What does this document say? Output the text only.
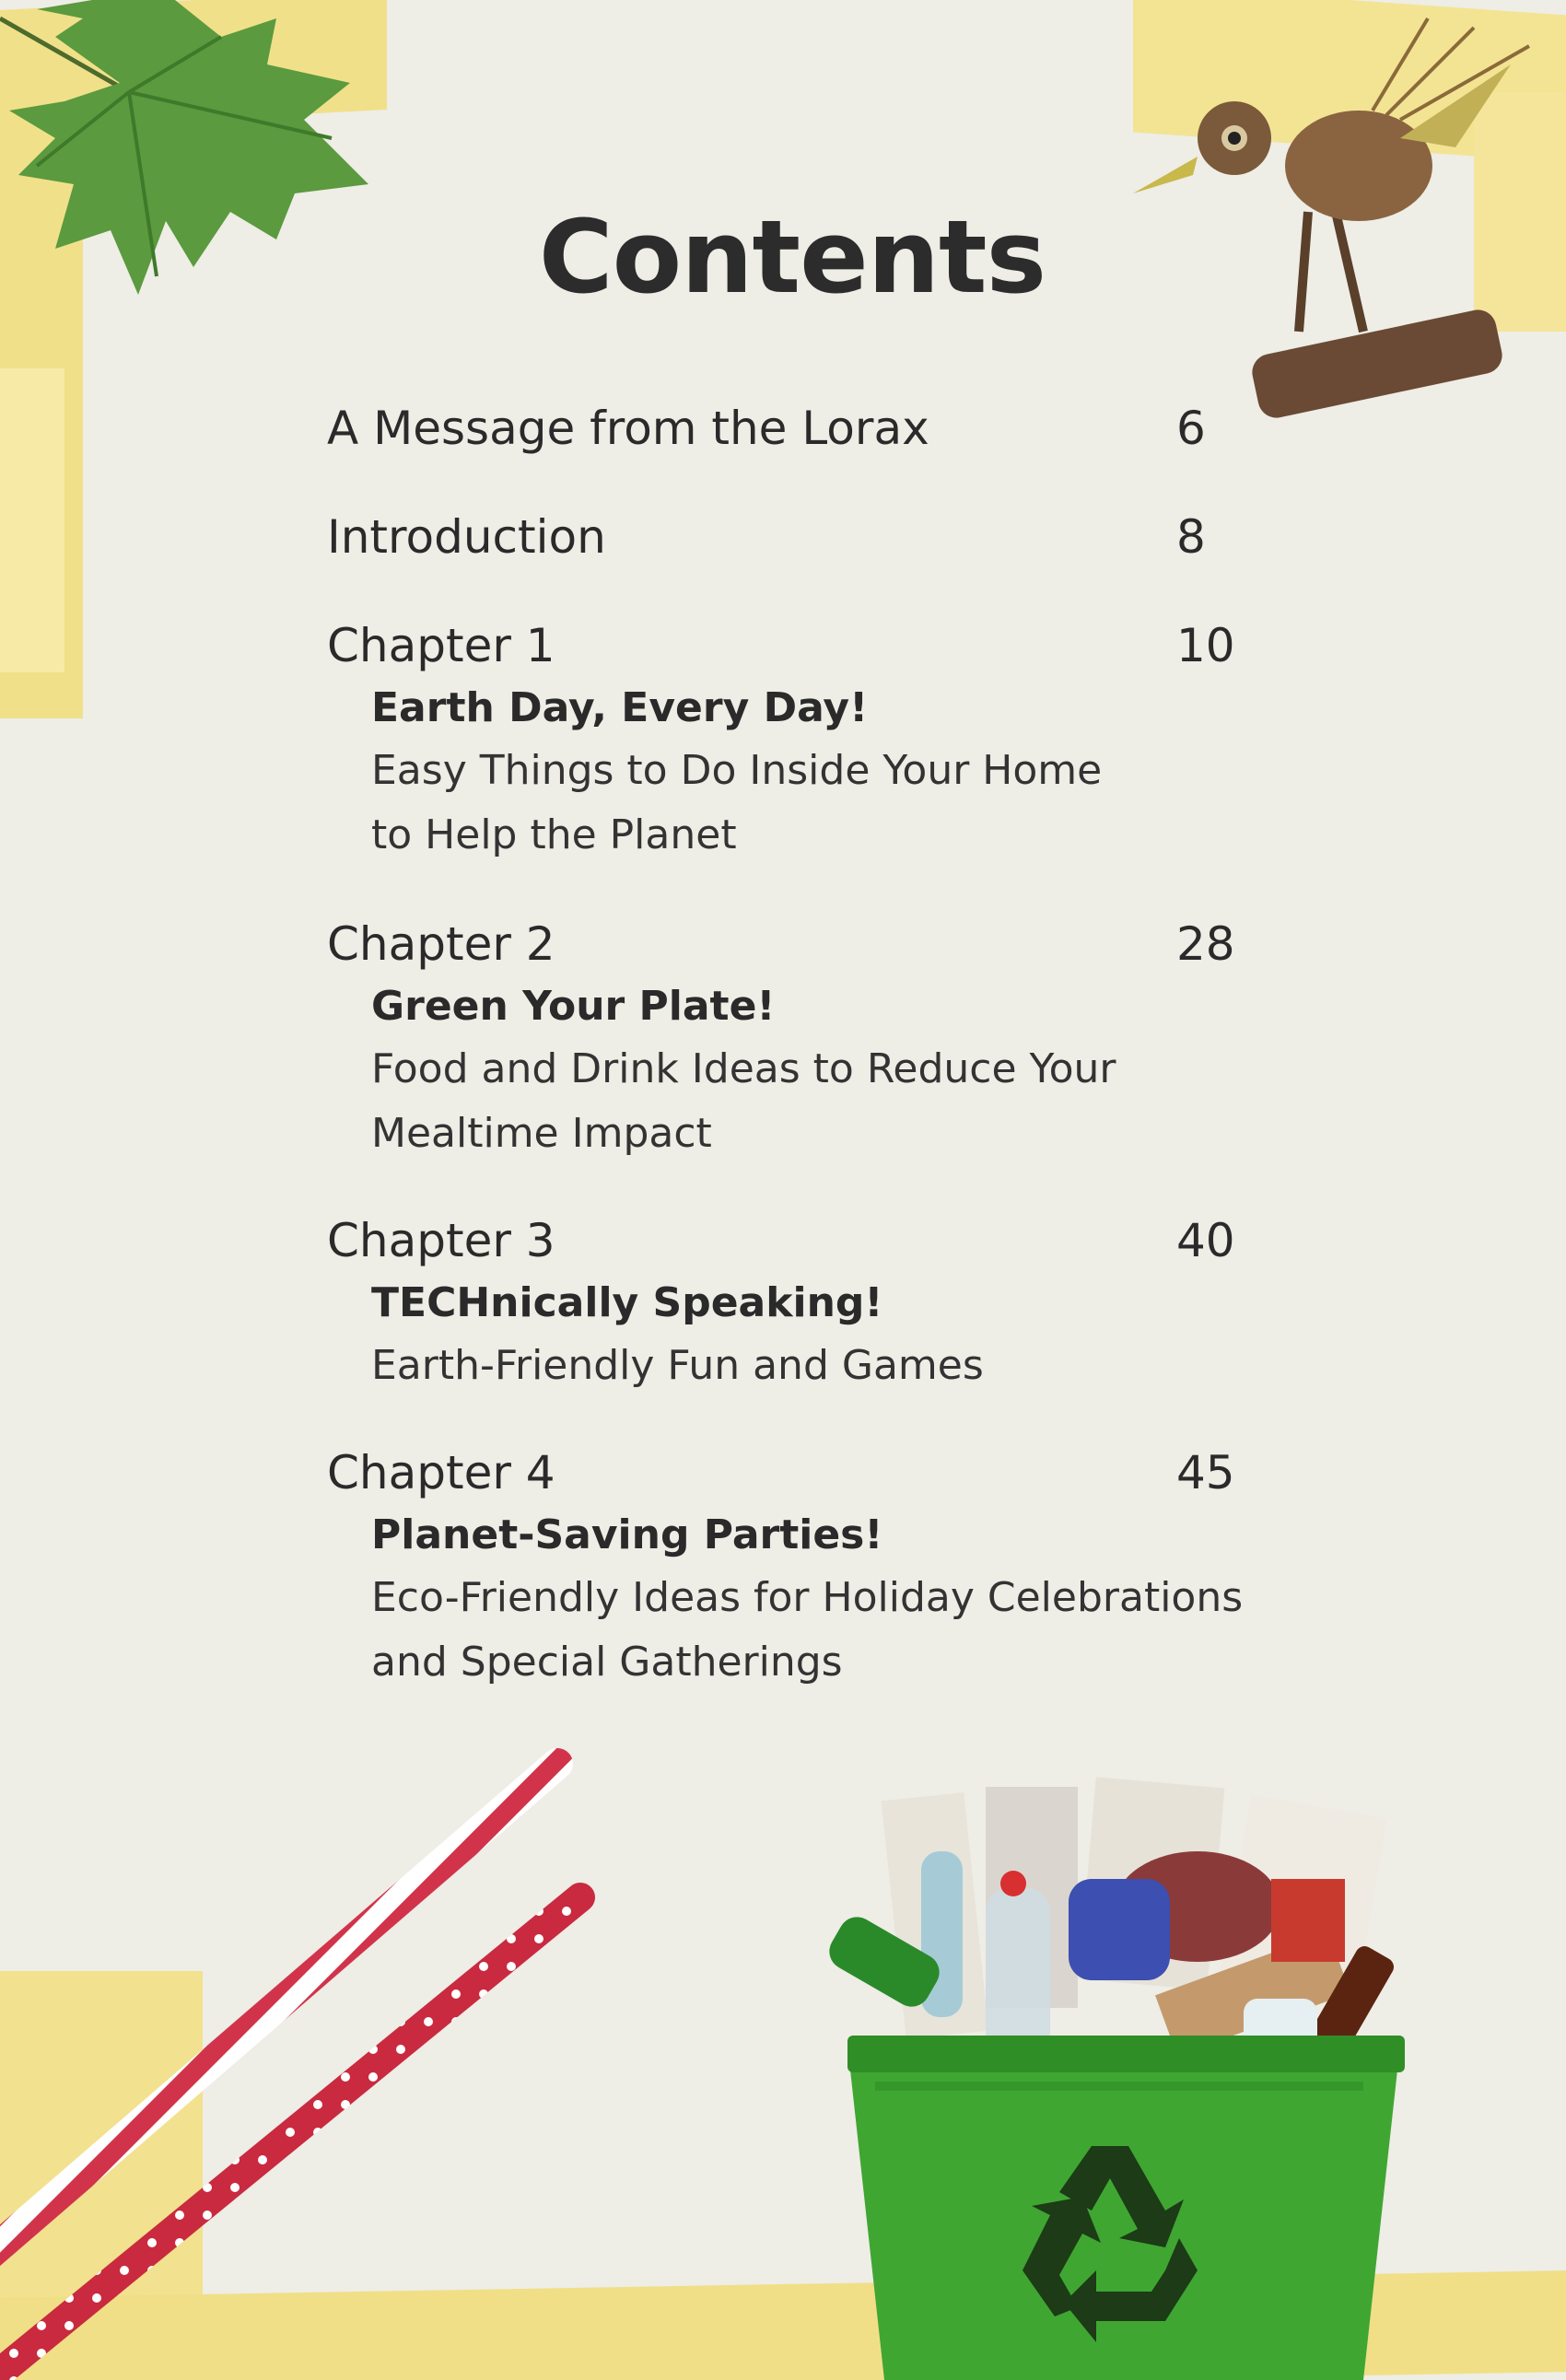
Contents
A Message from the Lorax	6
Introduction	8
Chapter 1	10
Earth Day, Every Day!
Easy Things to Do Inside Your Home
to Help the Planet
Chapter 2	28
Green Your Plate!
Food and Drink Ideas to Reduce Your
Mealtime Impact
Chapter 3	40
TECHnically Speaking!
Earth-Friendly Fun and Games
Chapter 4	45
Planet-Saving Parties!
Eco-Friendly Ideas for Holiday Celebrations
and Special Gatherings
